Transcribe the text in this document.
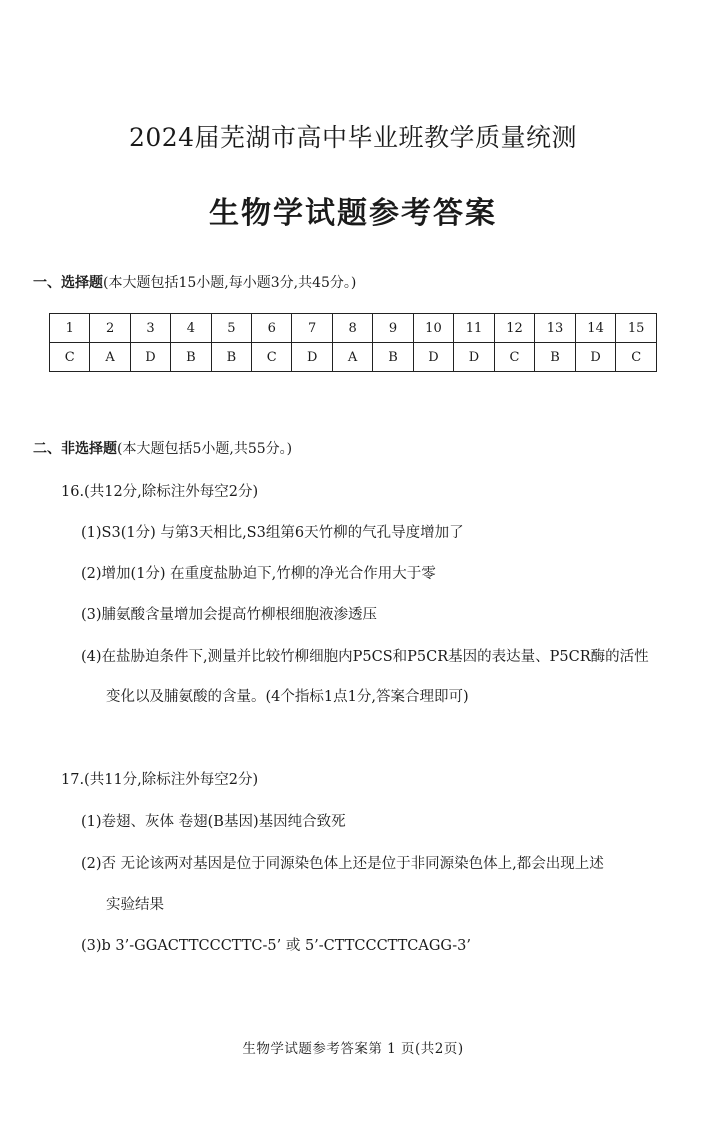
2024届芜湖市高中毕业班教学质量统测
生物学试题参考答案
一、选择题(本大题包括15小题,每小题3分,共45分。)
1	2	3	4	5	6	7	8	9	10	11	12	13	14	15
C	A	D	B	B	C	D	A	B	D	D	C	B	D	C
二、非选择题(本大题包括5小题,共55分。)
16.(共12分,除标注外每空2分)
(1)S3(1分) 与第3天相比,S3组第6天竹柳的气孔导度增加了
(2)增加(1分) 在重度盐胁迫下,竹柳的净光合作用大于零
(3)脯氨酸含量增加会提高竹柳根细胞液渗透压
(4)在盐胁迫条件下,测量并比较竹柳细胞内P5CS和P5CR基因的表达量、P5CR酶的活性
变化以及脯氨酸的含量。(4个指标1点1分,答案合理即可)
17.(共11分,除标注外每空2分)
(1)卷翅、灰体 卷翅(B基因)基因纯合致死
(2)否 无论该两对基因是位于同源染色体上还是位于非同源染色体上,都会出现上述
实验结果
(3)b 3’-GGACTTCCCTTC-5’ 或 5’-CTTCCCTTCAGG-3’
生物学试题参考答案第 1 页(共2页)
